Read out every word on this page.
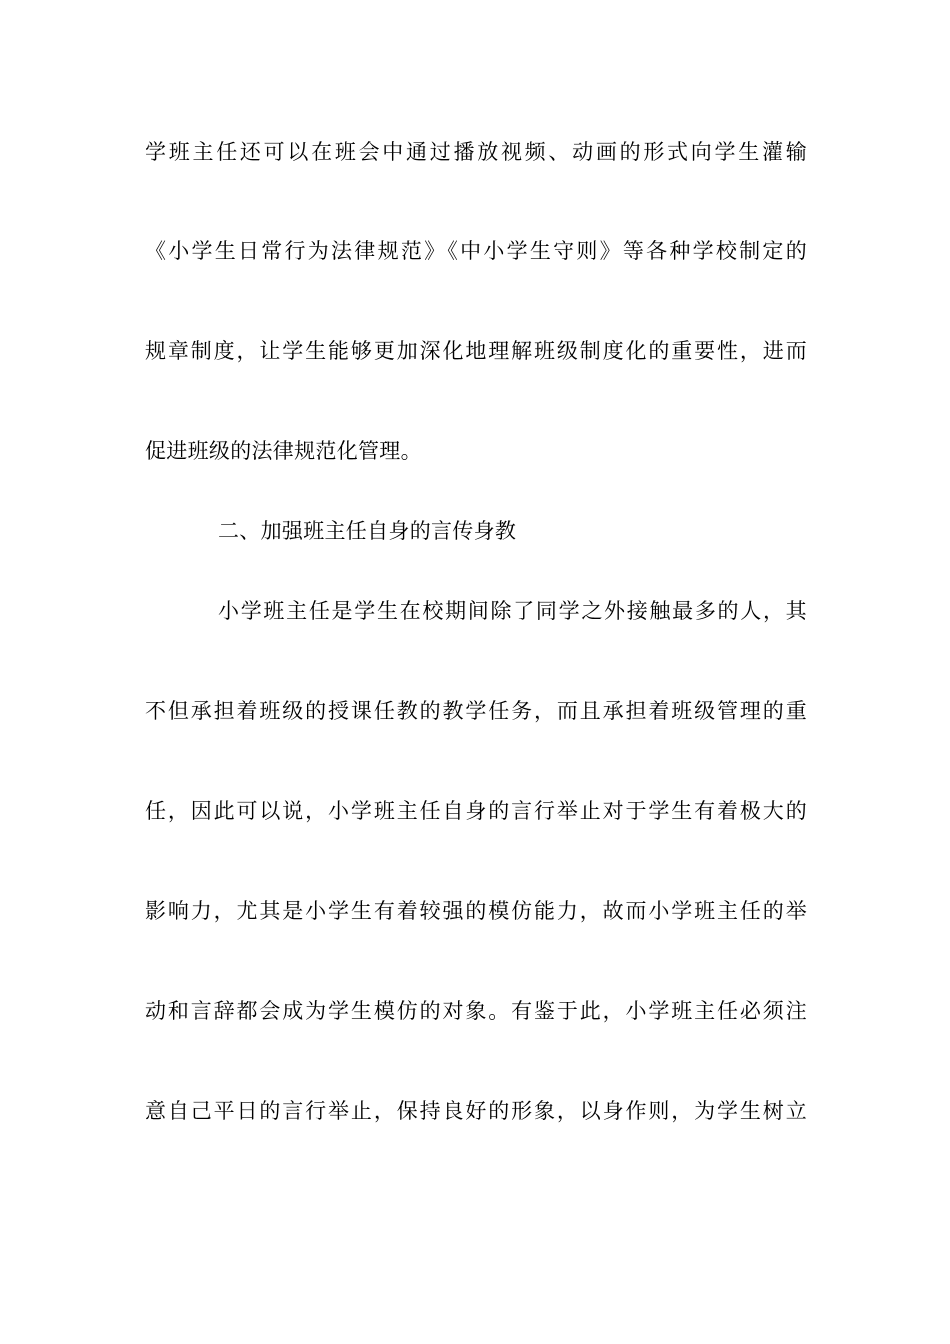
学班主任还可以在班会中通过播放视频、动画的形式向学生灌输
《小学生日常行为法律规范》《中小学生守则》等各种学校制定的
规章制度，让学生能够更加深化地理解班级制度化的重要性，进而
促进班级的法律规范化管理。
二、加强班主任自身的言传身教
小学班主任是学生在校期间除了同学之外接触最多的人，其
不但承担着班级的授课任教的教学任务，而且承担着班级管理的重
任，因此可以说，小学班主任自身的言行举止对于学生有着极大的
影响力，尤其是小学生有着较强的模仿能力，故而小学班主任的举
动和言辞都会成为学生模仿的对象。有鉴于此，小学班主任必须注
意自己平日的言行举止，保持良好的形象，以身作则，为学生树立
